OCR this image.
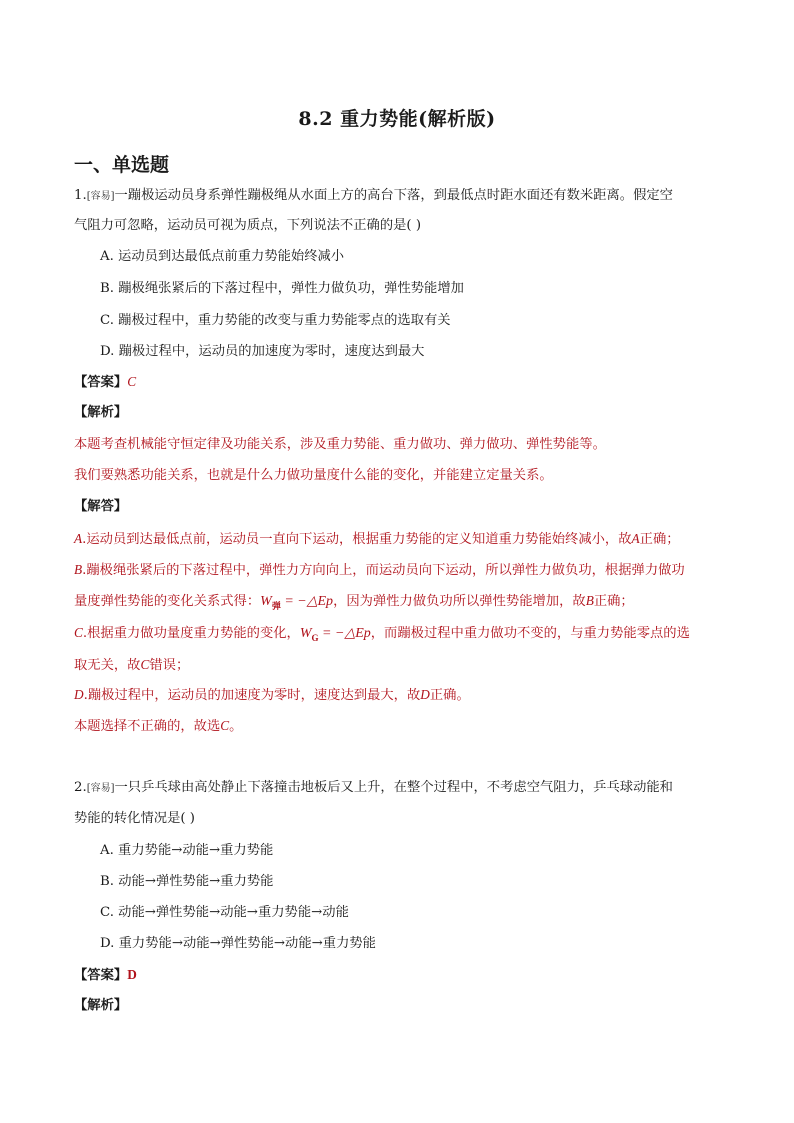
8.2 重力势能(解析版)
一、单选题
1.[容易]一蹦极运动员身系弹性蹦极绳从水面上方的高台下落，到最低点时距水面还有数米距离。假定空
气阻力可忽略，运动员可视为质点，下列说法不正确的是( )
A. 运动员到达最低点前重力势能始终减小
B. 蹦极绳张紧后的下落过程中，弹性力做负功，弹性势能增加
C. 蹦极过程中，重力势能的改变与重力势能零点的选取有关
D. 蹦极过程中，运动员的加速度为零时，速度达到最大
【答案】C
【解析】
本题考查机械能守恒定律及功能关系，涉及重力势能、重力做功、弹力做功、弹性势能等。
我们要熟悉功能关系，也就是什么力做功量度什么能的变化，并能建立定量关系。
【解答】
A.运动员到达最低点前，运动员一直向下运动，根据重力势能的定义知道重力势能始终减小，故A正确；
B.蹦极绳张紧后的下落过程中，弹性力方向向上，而运动员向下运动，所以弹性力做负功，根据弹力做功
量度弹性势能的变化关系式得：$W_弹$ = −△Ep，因为弹性力做负功所以弹性势能增加，故B正确；
C.根据重力做功量度重力势能的变化，$W_G$ = −△Ep，而蹦极过程中重力做功不变的，与重力势能零点的选
取无关，故C错误；
D.蹦极过程中，运动员的加速度为零时，速度达到最大，故D正确。
本题选择不正确的，故选C。
2.[容易]一只乒乓球由高处静止下落撞击地板后又上升，在整个过程中，不考虑空气阻力，乒乓球动能和
势能的转化情况是( )
A. 重力势能→动能→重力势能
B. 动能→弹性势能→重力势能
C. 动能→弹性势能→动能→重力势能→动能
D. 重力势能→动能→弹性势能→动能→重力势能
【答案】D
【解析】
